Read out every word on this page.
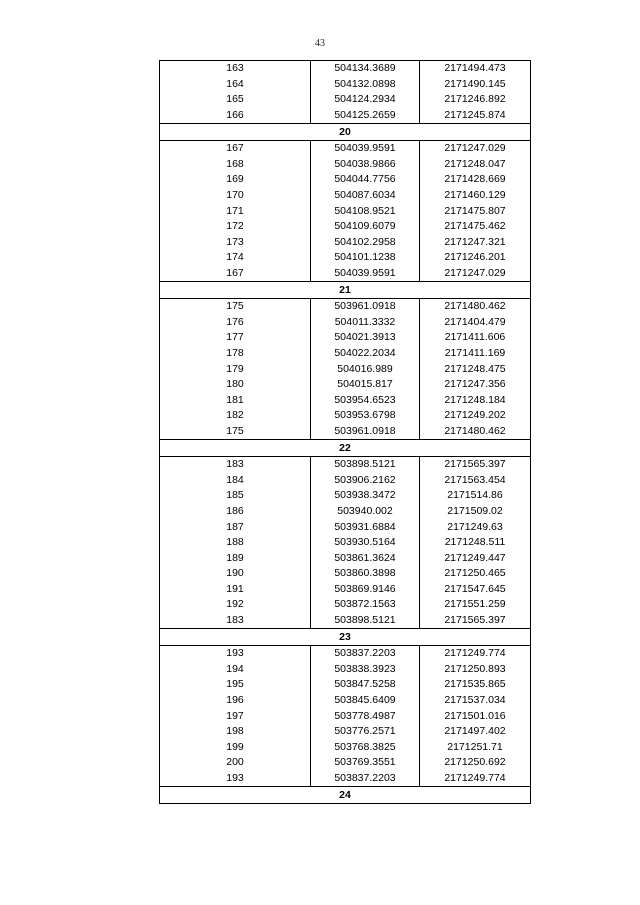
43
163	504134.3689	2171494.473
164	504132.0898	2171490.145
165	504124.2934	2171246.892
166	504125.2659	2171245.874
20		
167	504039.9591	2171247.029
168	504038.9866	2171248.047
169	504044.7756	2171428.669
170	504087.6034	2171460.129
171	504108.9521	2171475.807
172	504109.6079	2171475.462
173	504102.2958	2171247.321
174	504101.1238	2171246.201
167	504039.9591	2171247.029
21		
175	503961.0918	2171480.462
176	504011.3332	2171404.479
177	504021.3913	2171411.606
178	504022.2034	2171411.169
179	504016.989	2171248.475
180	504015.817	2171247.356
181	503954.6523	2171248.184
182	503953.6798	2171249.202
175	503961.0918	2171480.462
22		
183	503898.5121	2171565.397
184	503906.2162	2171563.454
185	503938.3472	2171514.86
186	503940.002	2171509.02
187	503931.6884	2171249.63
188	503930.5164	2171248.511
189	503861.3624	2171249.447
190	503860.3898	2171250.465
191	503869.9146	2171547.645
192	503872.1563	2171551.259
183	503898.5121	2171565.397
23		
193	503837.2203	2171249.774
194	503838.3923	2171250.893
195	503847.5258	2171535.865
196	503845.6409	2171537.034
197	503778.4987	2171501.016
198	503776.2571	2171497.402
199	503768.3825	2171251.71
200	503769.3551	2171250.692
193	503837.2203	2171249.774
24		
